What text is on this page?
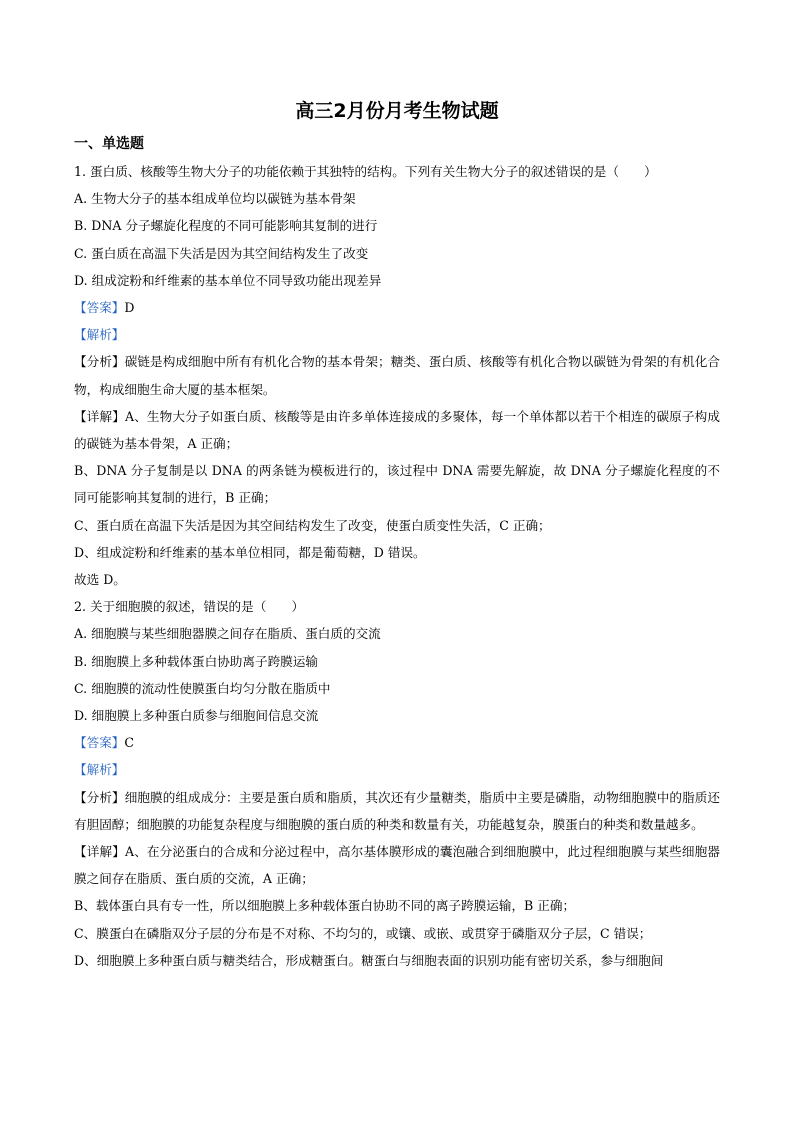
高三2月份月考生物试题
一、单选题

1. 蛋白质、核酸等生物大分子的功能依赖于其独特的结构。下列有关生物大分子的叙述错误的是（　　）

A. 生物大分子的基本组成单位均以碳链为基本骨架

B. DNA 分子螺旋化程度的不同可能影响其复制的进行

C. 蛋白质在高温下失活是因为其空间结构发生了改变

D. 组成淀粉和纤维素的基本单位不同导致功能出现差异

【答案】D

【解析】

【分析】碳链是构成细胞中所有有机化合物的基本骨架；糖类、蛋白质、核酸等有机化合物以碳链为骨架的有机化合物，构成细胞生命大厦的基本框架。

【详解】A、生物大分子如蛋白质、核酸等是由许多单体连接成的多聚体，每一个单体都以若干个相连的碳原子构成的碳链为基本骨架，A 正确；

B、DNA 分子复制是以 DNA 的两条链为模板进行的，该过程中 DNA 需要先解旋，故 DNA 分子螺旋化程度的不同可能影响其复制的进行，B 正确；

C、蛋白质在高温下失活是因为其空间结构发生了改变，使蛋白质变性失活，C 正确；

D、组成淀粉和纤维素的基本单位相同，都是葡萄糖，D 错误。

故选 D。

2. 关于细胞膜的叙述，错误的是（　　）

A. 细胞膜与某些细胞器膜之间存在脂质、蛋白质的交流

B. 细胞膜上多种载体蛋白协助离子跨膜运输

C. 细胞膜的流动性使膜蛋白均匀分散在脂质中

D. 细胞膜上多种蛋白质参与细胞间信息交流

【答案】C

【解析】

【分析】细胞膜的组成成分：主要是蛋白质和脂质，其次还有少量糖类，脂质中主要是磷脂，动物细胞膜中的脂质还有胆固醇；细胞膜的功能复杂程度与细胞膜的蛋白质的种类和数量有关，功能越复杂，膜蛋白的种类和数量越多。

【详解】A、在分泌蛋白的合成和分泌过程中，高尔基体膜形成的囊泡融合到细胞膜中，此过程细胞膜与某些细胞器膜之间存在脂质、蛋白质的交流，A 正确；

B、载体蛋白具有专一性，所以细胞膜上多种载体蛋白协助不同的离子跨膜运输，B 正确；

C、膜蛋白在磷脂双分子层的分布是不对称、不均匀的，或镶、或嵌、或贯穿于磷脂双分子层，C 错误；

D、细胞膜上多种蛋白质与糖类结合，形成糖蛋白。糖蛋白与细胞表面的识别功能有密切关系，参与细胞间
